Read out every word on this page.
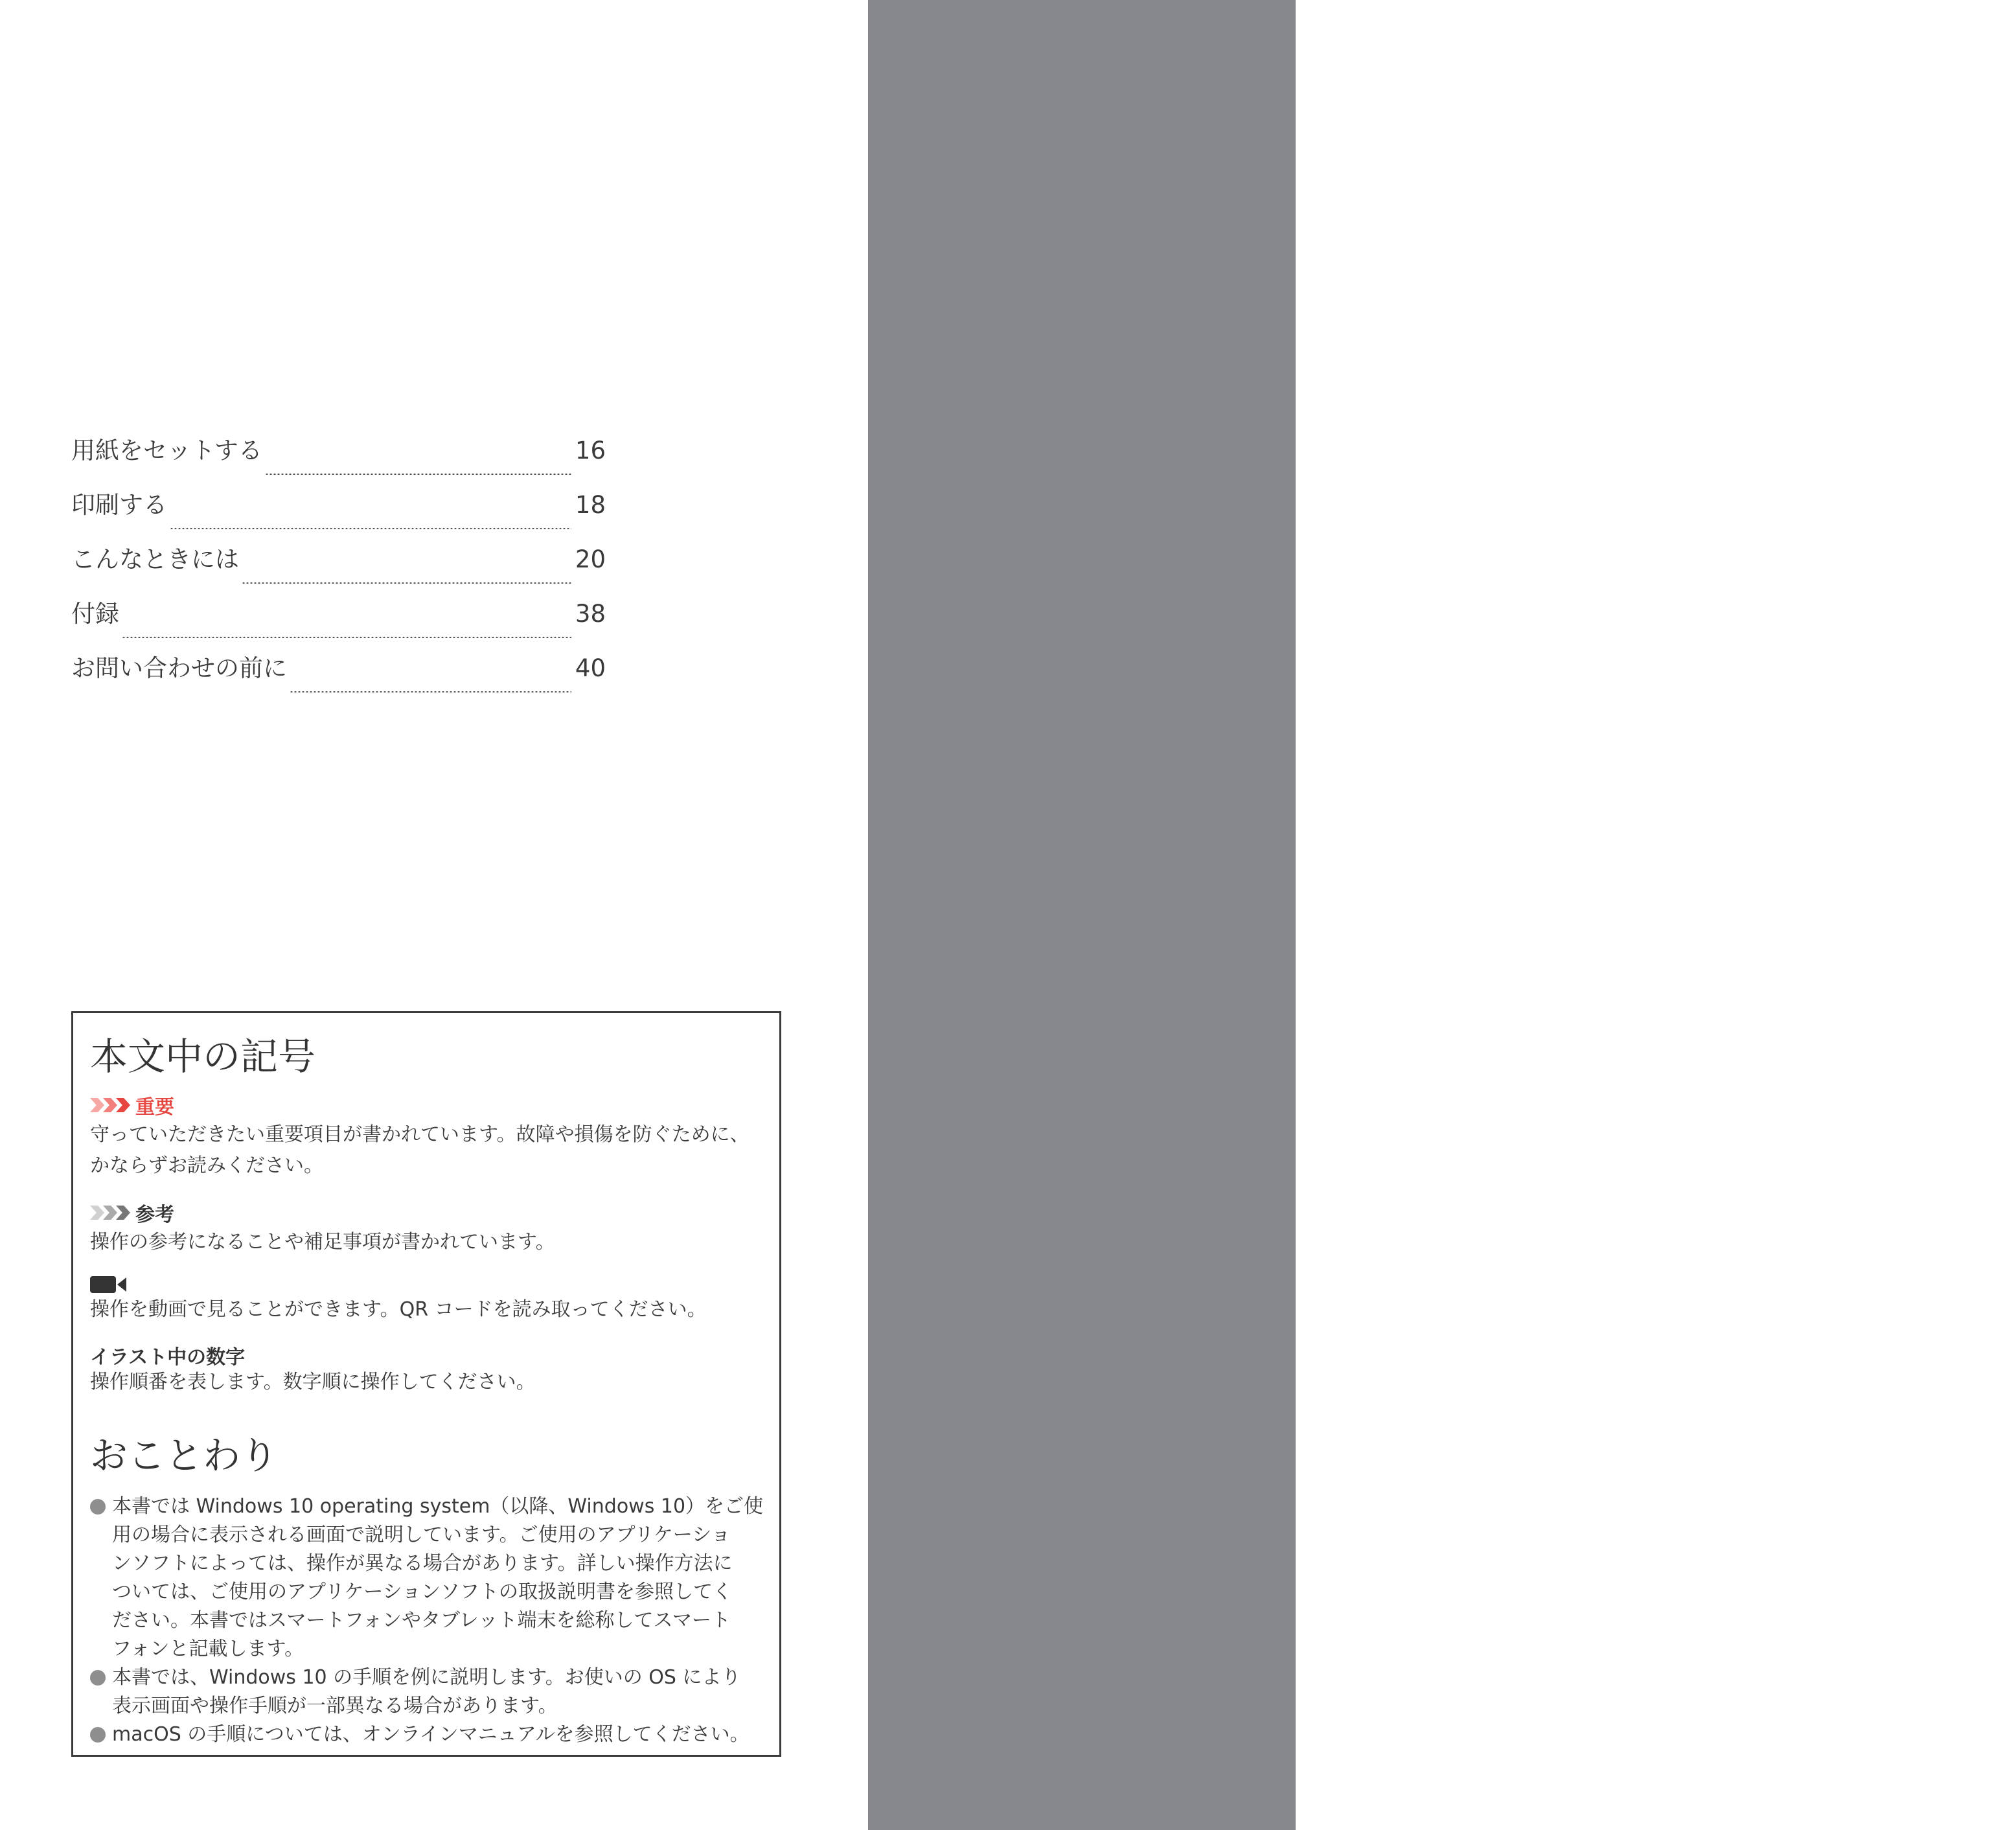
基本の
使いかた
用紙をセットする	16
印刷する	18
こんなときには	20
付録	38
お問い合わせの前に	40
本文中の記号
重要

守っていただきたい重要項目が書かれています。故障や損傷を防ぐために、
かならずお読みください。

参考

操作の参考になることや補足事項が書かれています。

操作を動画で見ることができます。QR コードを読み取ってください。

イラスト中の数字

操作順番を表します。数字順に操作してください。

おことわり
本書では Windows 10 operating system（以降、Windows 10）をご使
用の場合に表示される画面で説明しています。ご使用のアプリケーショ
ンソフトによっては、操作が異なる場合があります。詳しい操作方法に
ついては、ご使用のアプリケーションソフトの取扱説明書を参照してく
ださい。本書ではスマートフォンやタブレット端末を総称してスマート
フォンと記載します。
本書では、Windows 10 の手順を例に説明します。お使いの OS により
表示画面や操作手順が一部異なる場合があります。
macOS の手順については、オンラインマニュアルを参照してください。
